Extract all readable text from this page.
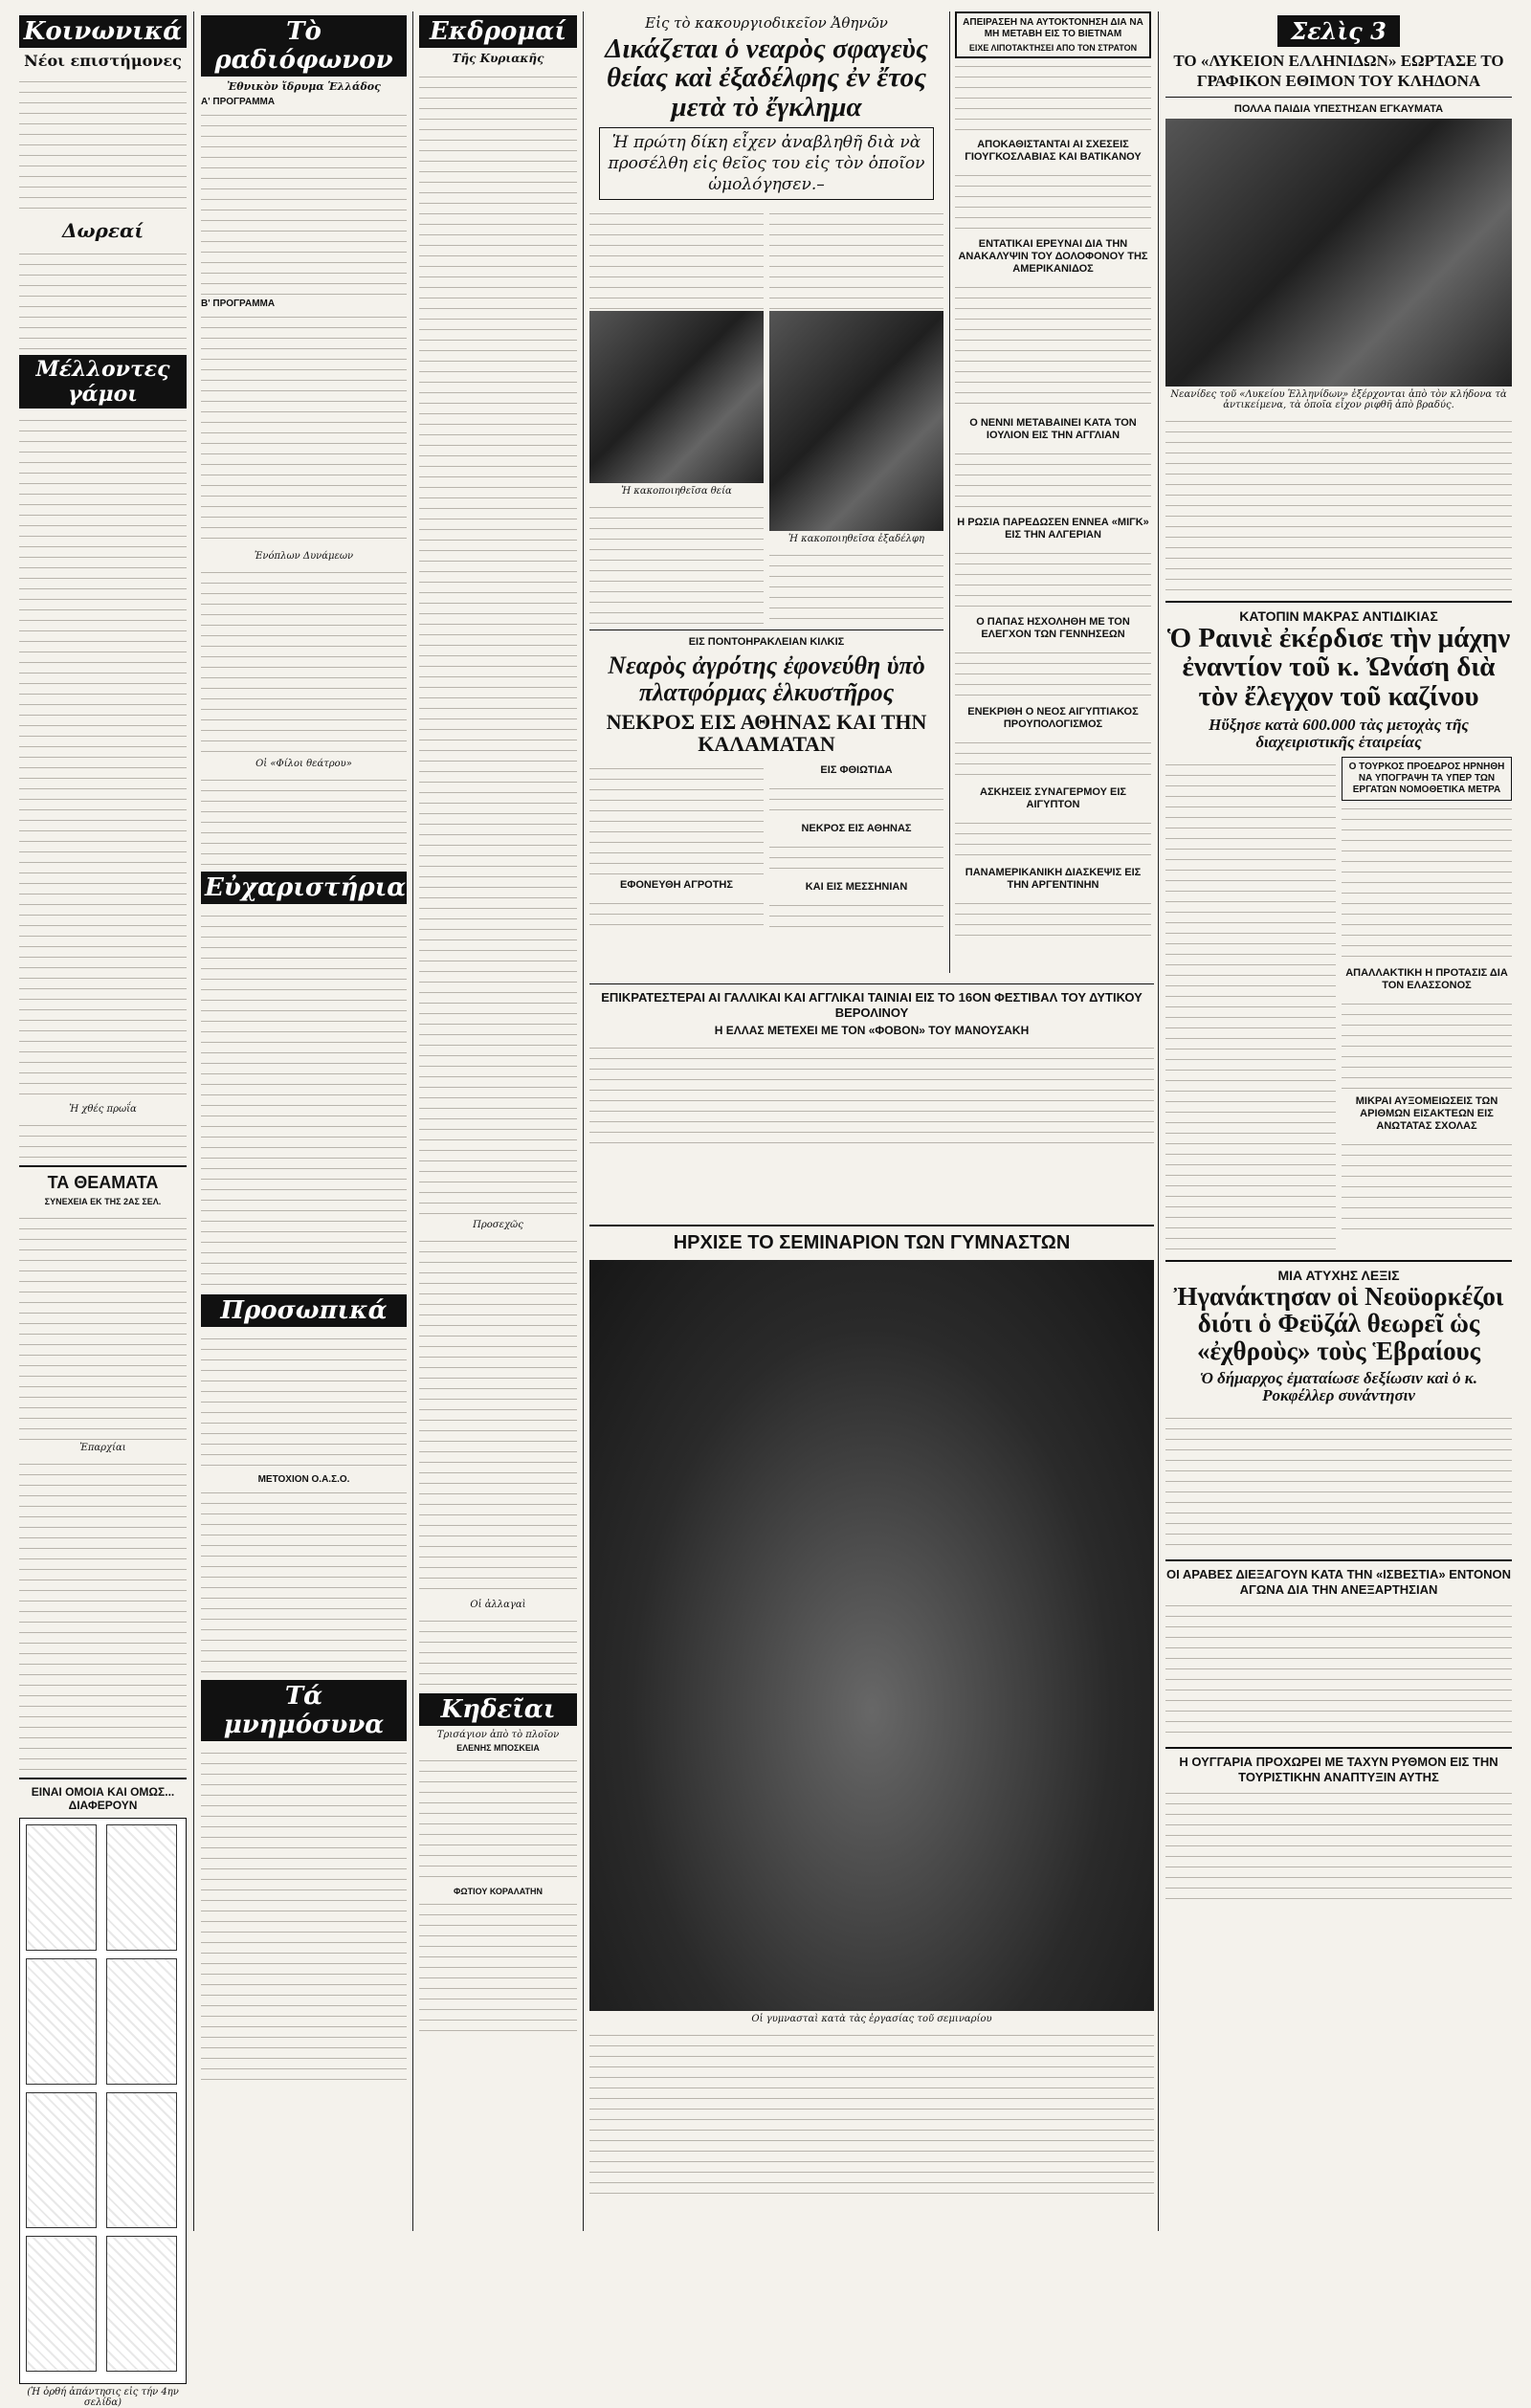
Κοινωνικά
Νέοι επιστήμονες
Δωρεαί
Μέλλοντες γάμοι
Ἡ χθές πρωΐα
ΤΑ ΘΕΑΜΑΤΑ
ΣΥΝΕΧΕΙΑ ΕΚ ΤΗΣ 2ΑΣ ΣΕΛ.
Ἐπαρχίαι
ΕΙΝΑΙ ΟΜΟΙΑ ΚΑΙ ΟΜΩΣ... ΔΙΑΦΕΡΟΥΝ
(Ἡ ὀρθή ἀπάντησις εἰς τήν 4ην σελίδα)
Τὸ ραδιόφωνον
Ἐθνικὸν ἴδρυμα Ἑλλάδος
Α' ΠΡΟΓΡΑΜΜΑ
Β' ΠΡΟΓΡΑΜΜΑ
Ἐνόπλων Δυνάμεων
Οἱ «Φίλοι θεάτρου»
Εὐχαριστήρια
Προσωπικά
ΜΕΤΟΧΙΟΝ Ο.Α.Σ.Ο.
Τά μνημόσυνα
Εκδρομαί
Τῆς Κυριακῆς
Προσεχῶς
Οἱ ἀλλαγαὶ
Κηδεῖαι
Τρισάγιον ἀπὸ τὸ πλοῖον
ΕΛΕΝΗΣ ΜΠΟΣΚΕΙΑ
ΦΩΤΙΟΥ ΚΟΡΑΛΑΤΗΝ
Εἰς τὸ κακουργιοδικεῖον Ἀθηνῶν
Δικάζεται ὁ νεαρὸς σφαγεὺς θείας καὶ ἐξαδέλφης ἐν ἔτος μετὰ τὸ ἔγκλημα
Ἡ πρώτη δίκη εἶχεν ἀναβληθῆ διὰ νὰ προσέλθη εἰς θεῖος του εἰς τὸν ὁποῖον ὡμολόγησεν.–
Ἡ κακοποιηθεῖσα θεία
Ἡ κακοποιηθεῖσα ἐξαδέλφη
ΕΙΣ ΠΟΝΤΟΗΡΑΚΛΕΙΑΝ ΚΙΛΚΙΣ
Νεαρὸς ἀγρότης ἐφονεύθη ὑπὸ πλατφόρμας ἑλκυστῆρος
ΝΕΚΡΟΣ ΕΙΣ ΑΘΗΝΑΣ ΚΑΙ ΤΗΝ ΚΑΛΑΜΑΤΑΝ
ΕΦΟΝΕΥΘΗ ΑΓΡΟΤΗΣ
ΕΙΣ ΦΘΙΩΤΙΔΑ
ΝΕΚΡΟΣ ΕΙΣ ΑΘΗΝΑΣ
ΚΑΙ ΕΙΣ ΜΕΣΣΗΝΙΑΝ
ΕΠΙΚΡΑΤΕΣΤΕΡΑΙ ΑΙ ΓΑΛΛΙΚΑΙ ΚΑΙ ΑΓΓΛΙΚΑΙ ΤΑΙΝΙΑΙ ΕΙΣ ΤΟ 16ΟΝ ΦΕΣΤΙΒΑΛ ΤΟΥ ΔΥΤΙΚΟΥ ΒΕΡΟΛΙΝΟΥ
Η ΕΛΛΑΣ ΜΕΤΕΧΕΙ ΜΕ ΤΟΝ «ΦΟΒΟΝ» ΤΟΥ ΜΑΝΟΥΣΑΚΗ
ΑΠΕΙΡΑΣΕΗ ΝΑ ΑΥΤΟΚΤΟΝΗΣΗ ΔΙΑ ΝΑ ΜΗ ΜΕΤΑΒΗ ΕΙΣ ΤΟ ΒΙΕΤΝΑΜ
ΕΙΧΕ ΛΙΠΟΤΑΚΤΗΣΕΙ ΑΠΟ ΤΟΝ ΣΤΡΑΤΟΝ
ΑΠΟΚΑΘΙΣΤΑΝΤΑΙ ΑΙ ΣΧΕΣΕΙΣ ΓΙΟΥΓΚΟΣΛΑΒΙΑΣ ΚΑΙ ΒΑΤΙΚΑΝΟΥ
ΕΝΤΑΤΙΚΑΙ ΕΡΕΥΝΑΙ ΔΙΑ ΤΗΝ ΑΝΑΚΑΛΥΨΙΝ ΤΟΥ ΔΟΛΟΦΟΝΟΥ ΤΗΣ ΑΜΕΡΙΚΑΝΙΔΟΣ
Ο ΝΕΝΝΙ ΜΕΤΑΒΑΙΝΕΙ ΚΑΤΑ ΤΟΝ ΙΟΥΛΙΟΝ ΕΙΣ ΤΗΝ ΑΓΓΛΙΑΝ
Η ΡΩΣΙΑ ΠΑΡΕΔΩΣΕΝ ΕΝΝΕΑ «ΜΙΓΚ» ΕΙΣ ΤΗΝ ΑΛΓΕΡΙΑΝ
Ο ΠΑΠΑΣ ΗΣΧΟΛΗΘΗ ΜΕ ΤΟΝ ΕΛΕΓΧΟΝ ΤΩΝ ΓΕΝΝΗΣΕΩΝ
ΕΝΕΚΡΙΘΗ Ο ΝΕΟΣ ΑΙΓΥΠΤΙΑΚΟΣ ΠΡΟΥΠΟΛΟΓΙΣΜΟΣ
ΑΣΚΗΣΕΙΣ ΣΥΝΑΓΕΡΜΟΥ ΕΙΣ ΑΙΓΥΠΤΟΝ
ΠΑΝΑΜΕΡΙΚΑΝΙΚΗ ΔΙΑΣΚΕΨΙΣ ΕΙΣ ΤΗΝ ΑΡΓΕΝΤΙΝΗΝ
ΗΡΧΙΣΕ ΤΟ ΣΕΜΙΝΑΡΙΟΝ ΤΩΝ ΓΥΜΝΑΣΤΩΝ
Οἱ γυμνασταὶ κατὰ τὰς ἐργασίας τοῦ σεμιναρίου
Σελὶς 3
ΤΟ «ΛΥΚΕΙΟΝ ΕΛΛΗΝΙΔΩΝ» ΕΩΡΤΑΣΕ ΤΟ ΓΡΑΦΙΚΟΝ ΕΘΙΜΟΝ ΤΟΥ ΚΛΗΔΟΝΑ
ΠΟΛΛΑ ΠΑΙΔΙΑ ΥΠΕΣΤΗΣΑΝ ΕΓΚΑΥΜΑΤΑ
Νεανίδες τοῦ «Λυκείου Ἑλληνίδων» ἐξέρχονται ἀπὸ τὸν κλήδονα τὰ ἀντικείμενα, τὰ ὁποῖα εἶχον ριφθῆ ἀπὸ βραδύς.
ΚΑΤΟΠΙΝ ΜΑΚΡΑΣ ΑΝΤΙΔΙΚΙΑΣ
Ὁ Ραινιὲ ἐκέρδισε τὴν μάχην ἐναντίον τοῦ κ. Ὠνάση διὰ τὸν ἔλεγχον τοῦ καζίνου
Ηὔξησε κατὰ 600.000 τὰς μετοχὰς τῆς διαχειριστικῆς ἑταιρείας
Ο ΤΟΥΡΚΟΣ ΠΡΟΕΔΡΟΣ ΗΡΝΗΘΗ ΝΑ ΥΠΟΓΡΑΨΗ ΤΑ ΥΠΕΡ ΤΩΝ ΕΡΓΑΤΩΝ ΝΟΜΟΘΕΤΙΚΑ ΜΕΤΡΑ
ΑΠΑΛΛΑΚΤΙΚΗ Η ΠΡΟΤΑΣΙΣ ΔΙΑ ΤΟΝ ΕΛΑΣΣΟΝΟΣ
ΜΙΚΡΑΙ ΑΥΞΟΜΕΙΩΣΕΙΣ ΤΩΝ ΑΡΙΘΜΩΝ ΕΙΣΑΚΤΕΩΝ ΕΙΣ ΑΝΩΤΑΤΑΣ ΣΧΟΛΑΣ
ΜΙΑ ΑΤΥΧΗΣ ΛΕΞΙΣ
Ἠγανάκτησαν οἱ Νεοϋορκέζοι διότι ὁ Φεϋζάλ θεωρεῖ ὡς «ἐχθροὺς» τοὺς Ἑβραίους
Ὁ δήμαρχος ἐματαίωσε δεξίωσιν καὶ ὁ κ. Ροκφέλλερ συνάντησιν
ΟΙ ΑΡΑΒΕΣ ΔΙΕΞΑΓΟΥΝ ΚΑΤΑ ΤΗΝ «ΙΣΒΕΣΤΙΑ» ΕΝΤΟΝΟΝ ΑΓΩΝΑ ΔΙΑ ΤΗΝ ΑΝΕΞΑΡΤΗΣΙΑΝ
Η ΟΥΓΓΑΡΙΑ ΠΡΟΧΩΡΕΙ ΜΕ ΤΑΧΥΝ ΡΥΘΜΟΝ ΕΙΣ ΤΗΝ ΤΟΥΡΙΣΤΙΚΗΝ ΑΝΑΠΤΥΞΙΝ ΑΥΤΗΣ
